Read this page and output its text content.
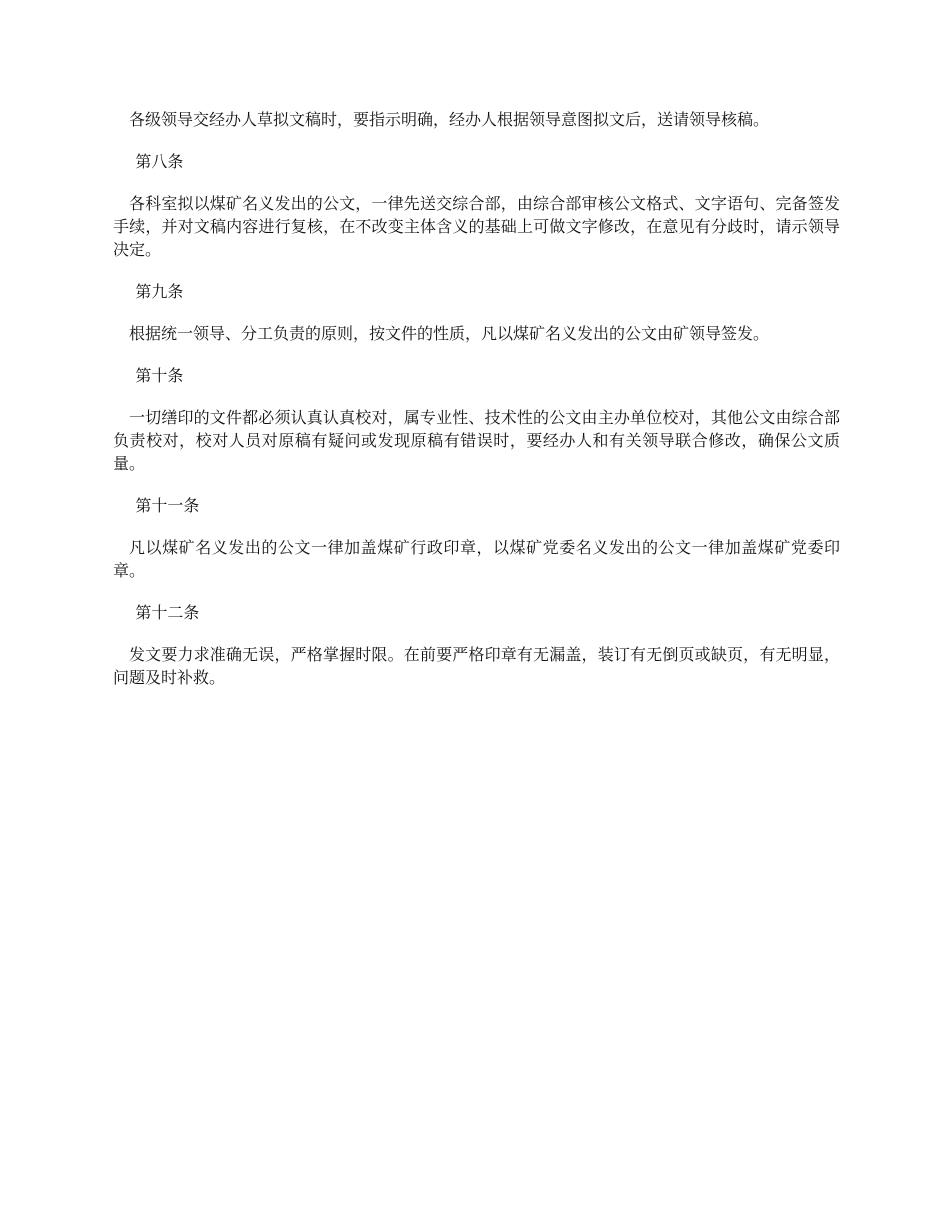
各级领导交经办人草拟文稿时，要指示明确，经办人根据领导意图拟文后，送请领导核稿。

第八条

各科室拟以煤矿名义发出的公文，一律先送交综合部，由综合部审核公文格式、文字语句、完备签发手续，并对文稿内容进行复核，在不改变主体含义的基础上可做文字修改，在意见有分歧时，请示领导决定。

第九条

根据统一领导、分工负责的原则，按文件的性质，凡以煤矿名义发出的公文由矿领导签发。

第十条

一切缮印的文件都必须认真认真校对，属专业性、技术性的公文由主办单位校对，其他公文由综合部负责校对，校对人员对原稿有疑问或发现原稿有错误时，要经办人和有关领导联合修改，确保公文质量。

第十一条

凡以煤矿名义发出的公文一律加盖煤矿行政印章，以煤矿党委名义发出的公文一律加盖煤矿党委印章。

第十二条

发文要力求准确无误，严格掌握时限。在前要严格印章有无漏盖，装订有无倒页或缺页，有无明显，问题及时补救。
